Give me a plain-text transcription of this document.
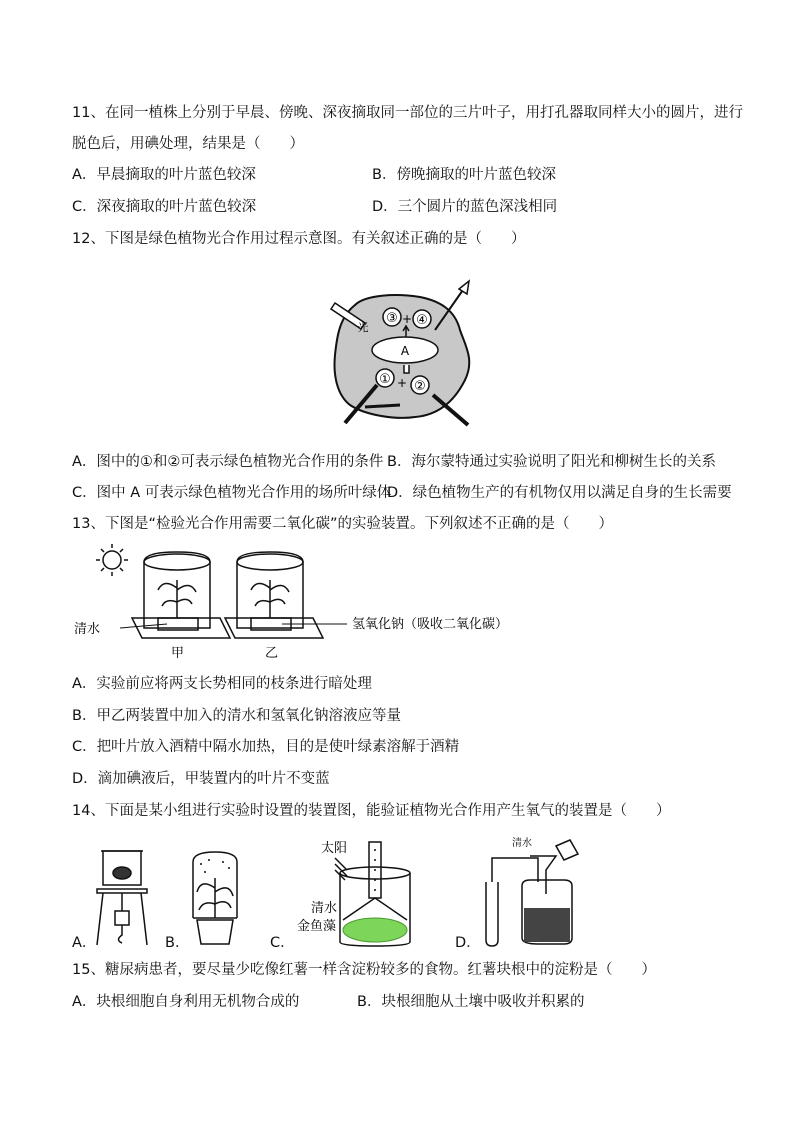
11、在同一植株上分别于早晨、傍晚、深夜摘取同一部位的三片叶子，用打孔器取同样大小的圆片，进行
脱色后，用碘处理，结果是（　　）
A．早晨摘取的叶片蓝色较深	B．傍晚摘取的叶片蓝色较深
C．深夜摘取的叶片蓝色较深	D．三个圆片的蓝色深浅相同
12、下图是绿色植物光合作用过程示意图。有关叙述正确的是（　　）
A
③ ④
+
① ②
+
光
A．图中的①和②可表示绿色植物光合作用的条件 B．海尔蒙特通过实验说明了阳光和柳树生长的关系
C．图中 A 可表示绿色植物光合作用的场所叶绿体
D．绿色植物生产的有机物仅用以满足自身的生长需要
13、下图是“检验光合作用需要二氧化碳”的实验装置。下列叙述不正确的是（　　）
清水	氢氧化钠（吸收二氧化碳）
甲	乙
A．实验前应将两支长势相同的枝条进行暗处理
B．甲乙两装置中加入的清水和氢氧化钠溶液应等量
C．把叶片放入酒精中隔水加热，目的是使叶绿素溶解于酒精
D．滴加碘液后，甲装置内的叶片不变蓝
14、下面是某小组进行实验时设置的装置图，能验证植物光合作用产生氧气的装置是（　　）
A．	B．	C．
太阳
清水
金鱼藻
D．
清水
15、糖尿病患者，要尽量少吃像红薯一样含淀粉较多的食物。红薯块根中的淀粉是（　　）
A．块根细胞自身利用无机物合成的	B．块根细胞从土壤中吸收并积累的
